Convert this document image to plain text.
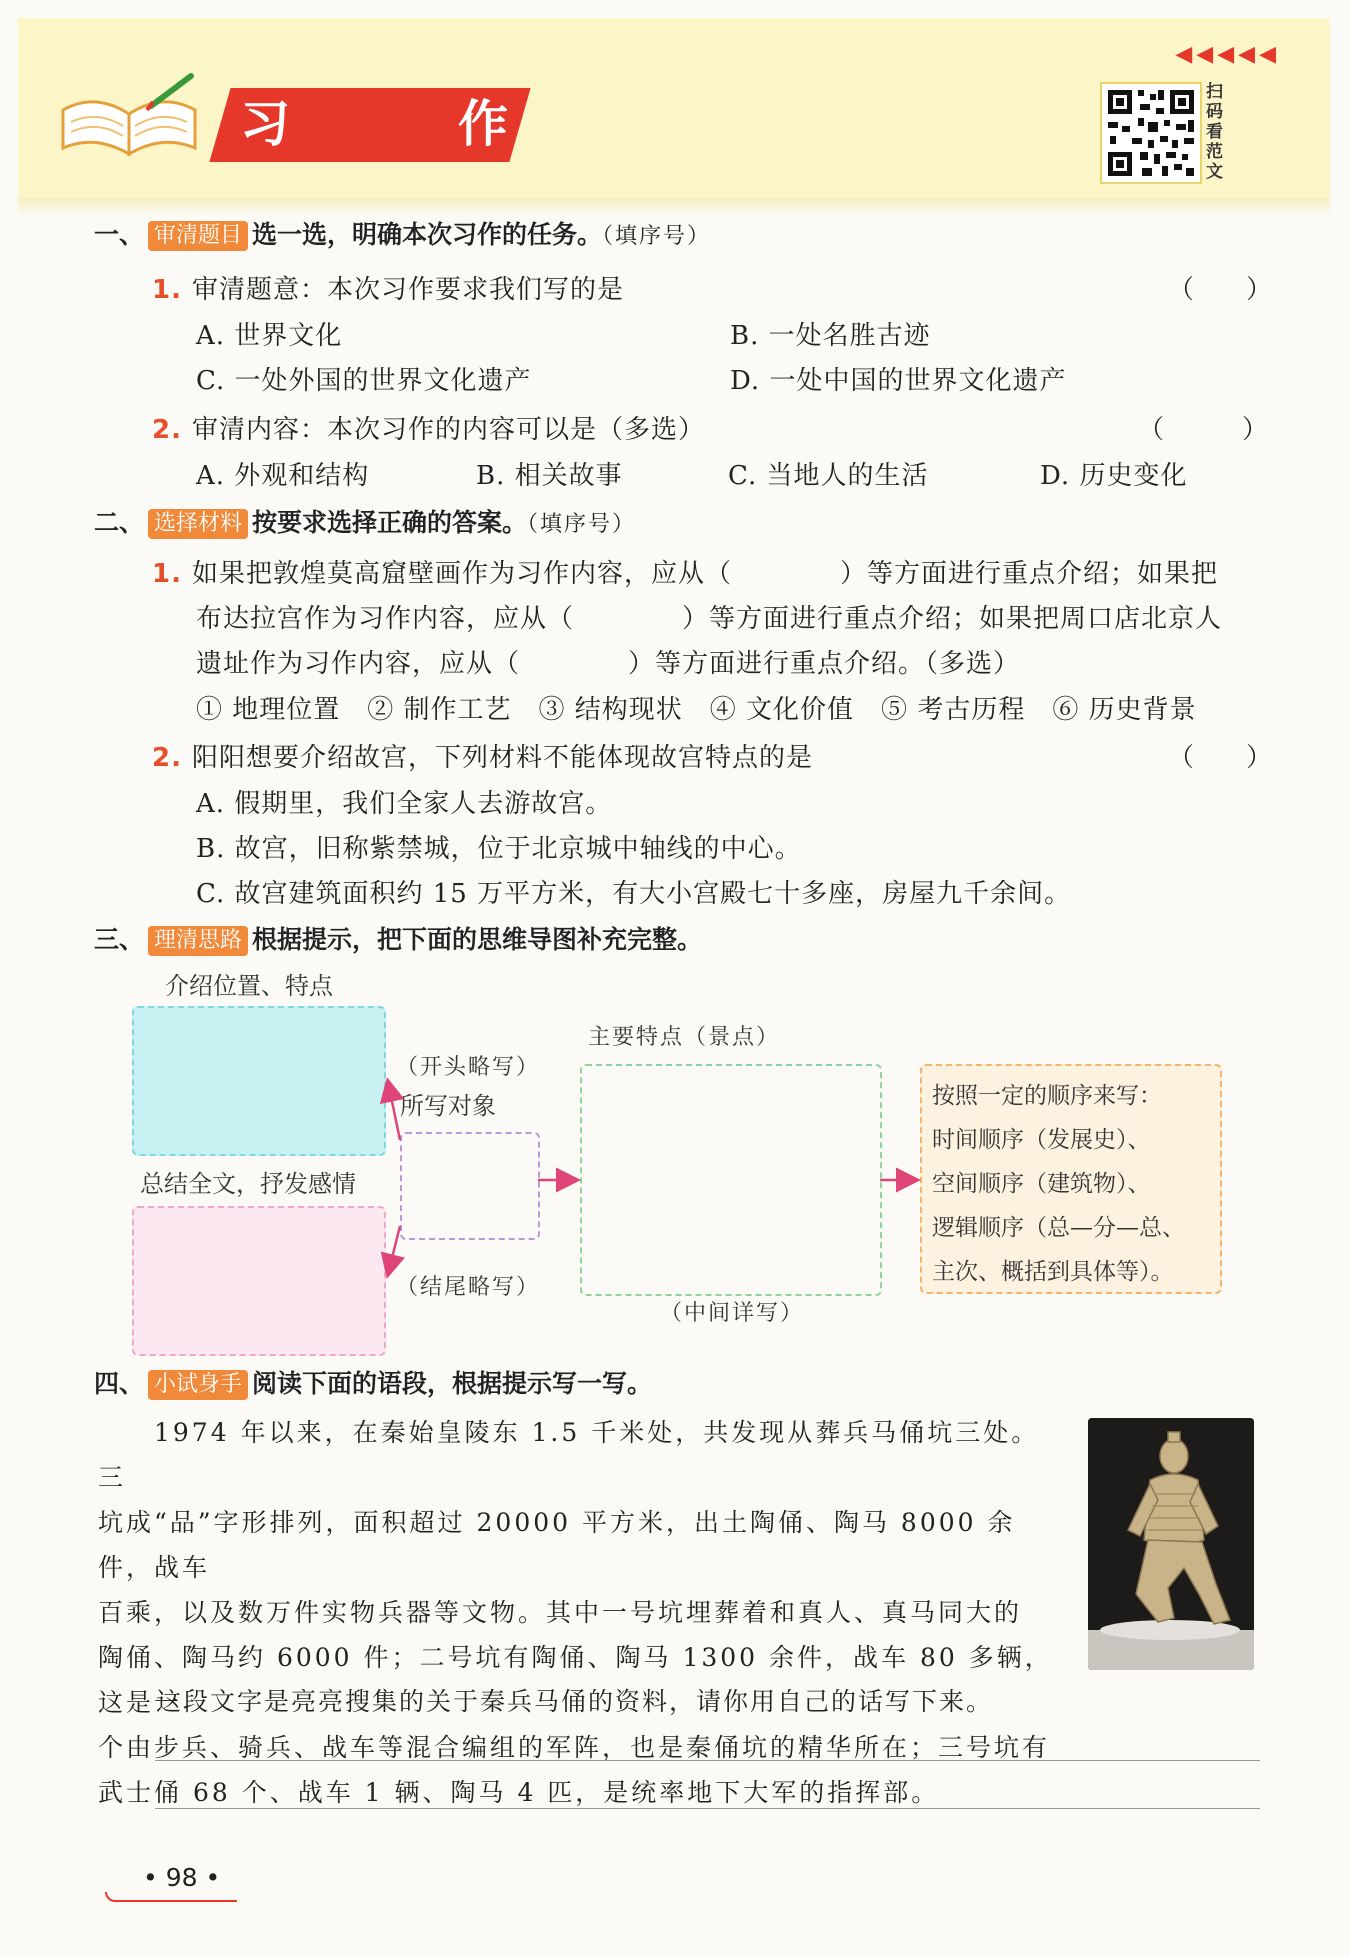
◀◀◀◀◀
习	作
扫码看范文
一、 审清题目 选一选，明确本次习作的任务。（填序号）
1. 审清题意：本次习作要求我们写的是	（　　）
A. 世界文化	B. 一处名胜古迹
C. 一处外国的世界文化遗产	D. 一处中国的世界文化遗产
2. 审清内容：本次习作的内容可以是（多选）	（　　　）
A. 外观和结构	B. 相关故事	C. 当地人的生活	D. 历史变化
二、 选择材料 按要求选择正确的答案。（填序号）
1. 如果把敦煌莫高窟壁画作为习作内容，应从（　　　　）等方面进行重点介绍；如果把
布达拉宫作为习作内容，应从（　　　　）等方面进行重点介绍；如果把周口店北京人
遗址作为习作内容，应从（　　　　）等方面进行重点介绍。（多选）
① 地理位置　② 制作工艺　③ 结构现状　④ 文化价值　⑤ 考古历程　⑥ 历史背景
2. 阳阳想要介绍故宫，下列材料不能体现故宫特点的是	（　　）
A. 假期里，我们全家人去游故宫。
B. 故宫，旧称紫禁城，位于北京城中轴线的中心。
C. 故宫建筑面积约 15 万平方米，有大小宫殿七十多座，房屋九千余间。
三、 理清思路 根据提示，把下面的思维导图补充完整。
介绍位置、特点
总结全文，抒发感情
（开头略写）
所写对象
（结尾略写）
主要特点（景点）
（中间详写）
按照一定的顺序来写：
时间顺序（发展史）、
空间顺序（建筑物）、
逻辑顺序（总—分—总、
主次、概括到具体等）。
四、 小试身手 阅读下面的语段，根据提示写一写。

1974 年以来，在秦始皇陵东 1.5 千米处，共发现从葬兵马俑坑三处。三

坑成“品”字形排列，面积超过 20000 平方米，出土陶俑、陶马 8000 余件，战车

百乘，以及数万件实物兵器等文物。其中一号坑埋葬着和真人、真马同大的

陶俑、陶马约 6000 件；二号坑有陶俑、陶马 1300 余件，战车 80 多辆，这是一

个由步兵、骑兵、战车等混合编组的军阵，也是秦俑坑的精华所在；三号坑有

武士俑 68 个、战车 1 辆、陶马 4 匹，是统率地下大军的指挥部。

这段文字是亮亮搜集的关于秦兵马俑的资料，请你用自己的话写下来。
• 98 •
